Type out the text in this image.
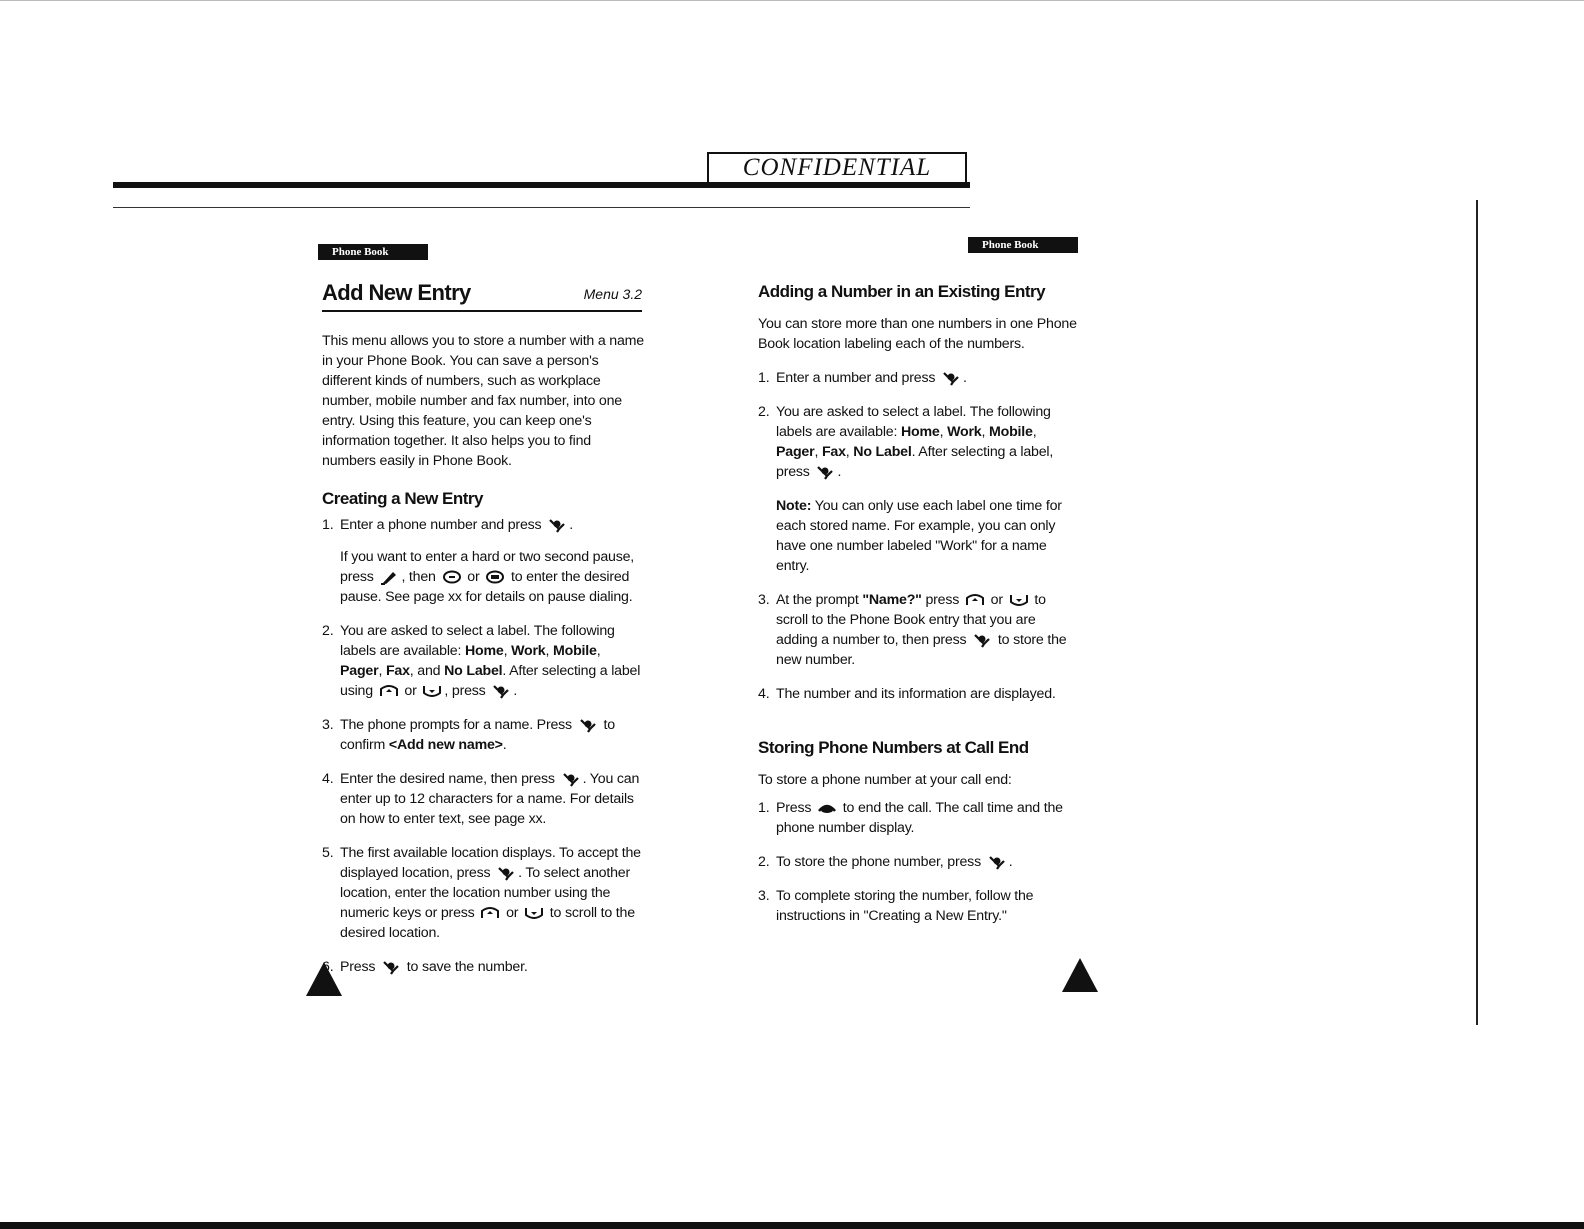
CONFIDENTIAL
Phone Book
Add New Entry	Menu 3.2

This menu allows you to store a number with a name in your Phone Book. You can save a person's different kinds of numbers, such as workplace number, mobile number and fax number, into one entry. Using this feature, you can keep one's information together. It also helps you to find numbers easily in Phone Book.

Creating a New Entry
1. Enter a phone number and press .

If you want to enter a hard or two second pause, press , then or to enter the desired pause. See page xx for details on pause dialing.

2. You are asked to select a label. The following labels are available: Home, Work, Mobile, Pager, Fax, and No Label. After selecting a label using or , press .
3. The phone prompts for a name. Press to confirm <Add new name>.
4. Enter the desired name, then press . You can enter up to 12 characters for a name. For details on how to enter text, see page xx.
5. The first available location displays. To accept the displayed location, press . To select another location, enter the location number using the numeric keys or press or to scroll to the desired location.
6. Press to save the number.
Phone Book
Adding a Number in an Existing Entry

You can store more than one numbers in one Phone Book location labeling each of the numbers.

1. Enter a number and press .
2. You are asked to select a label. The following labels are available: Home, Work, Mobile, Pager, Fax, No Label. After selecting a label, press .

Note: You can only use each label one time for each stored name. For example, you can only have one number labeled "Work" for a name entry.

3. At the prompt "Name?" press or to scroll to the Phone Book entry that you are adding a number to, then press to store the new number.
4. The number and its information are displayed.
Storing Phone Numbers at Call End

To store a phone number at your call end:

1. Press to end the call. The call time and the phone number display.
2. To store the phone number, press .
3. To complete storing the number, follow the instructions in "Creating a New Entry."
